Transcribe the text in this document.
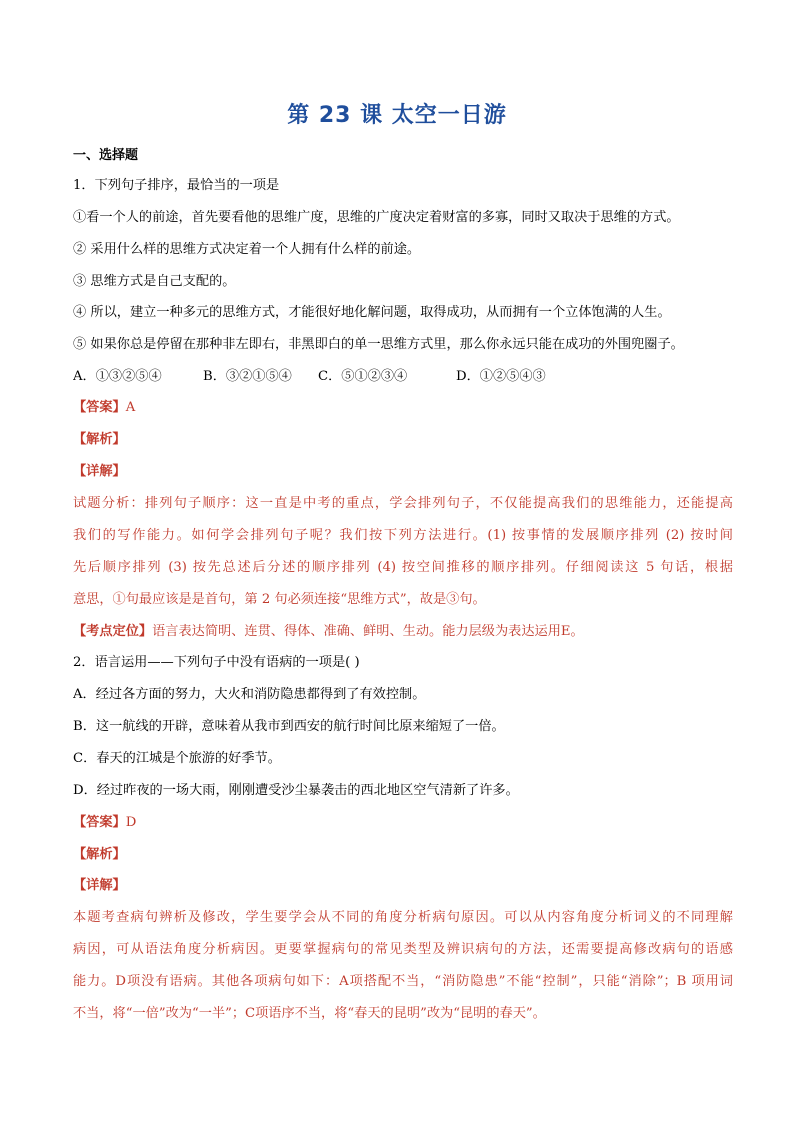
第 23 课 太空一日游
一、选择题
1．下列句子排序，最恰当的一项是
①看一个人的前途，首先要看他的思维广度，思维的广度决定着财富的多寡，同时又取决于思维的方式。
② 采用什么样的思维方式决定着一个人拥有什么样的前途。
③ 思维方式是自己支配的。
④ 所以，建立一种多元的思维方式，才能很好地化解问题，取得成功，从而拥有一个立体饱满的人生。
⑤ 如果你总是停留在那种非左即右，非黑即白的单一思维方式里，那么你永远只能在成功的外围兜圈子。
A．①③②⑤④	B．③②①⑤④ C．⑤①②③④	D．①②⑤④③
【答案】A
【解析】
【详解】
试题分析：排列句子顺序：这一直是中考的重点，学会排列句子，不仅能提高我们的思维能力，还能提高
我们的写作能力。如何学会排列句子呢？我们按下列方法进行。(1) 按事情的发展顺序排列 (2) 按时间
先后顺序排列 (3) 按先总述后分述的顺序排列 (4) 按空间推移的顺序排列。仔细阅读这 5 句话，根据
意思，①句最应该是是首句，第 2 句必须连接“思维方式”，故是③句。
【考点定位】语言表达简明、连贯、得体、准确、鲜明、生动。能力层级为表达运用E。
2．语言运用——下列句子中没有语病的一项是( )
A．经过各方面的努力，大火和消防隐患都得到了有效控制。
B．这一航线的开辟，意味着从我市到西安的航行时间比原来缩短了一倍。
C．春天的江城是个旅游的好季节。
D．经过昨夜的一场大雨，刚刚遭受沙尘暴袭击的西北地区空气清新了许多。
【答案】D
【解析】
【详解】
本题考查病句辨析及修改，学生要学会从不同的角度分析病句原因。可以从内容角度分析词义的不同理解
病因，可从语法角度分析病因。更要掌握病句的常见类型及辨识病句的方法，还需要提高修改病句的语感
能力。D项没有语病。其他各项病句如下：A项搭配不当，“消防隐患”不能“控制”，只能“消除”；B 项用词
不当，将“一倍”改为“一半”；C项语序不当，将“春天的昆明”改为“昆明的春天”。
